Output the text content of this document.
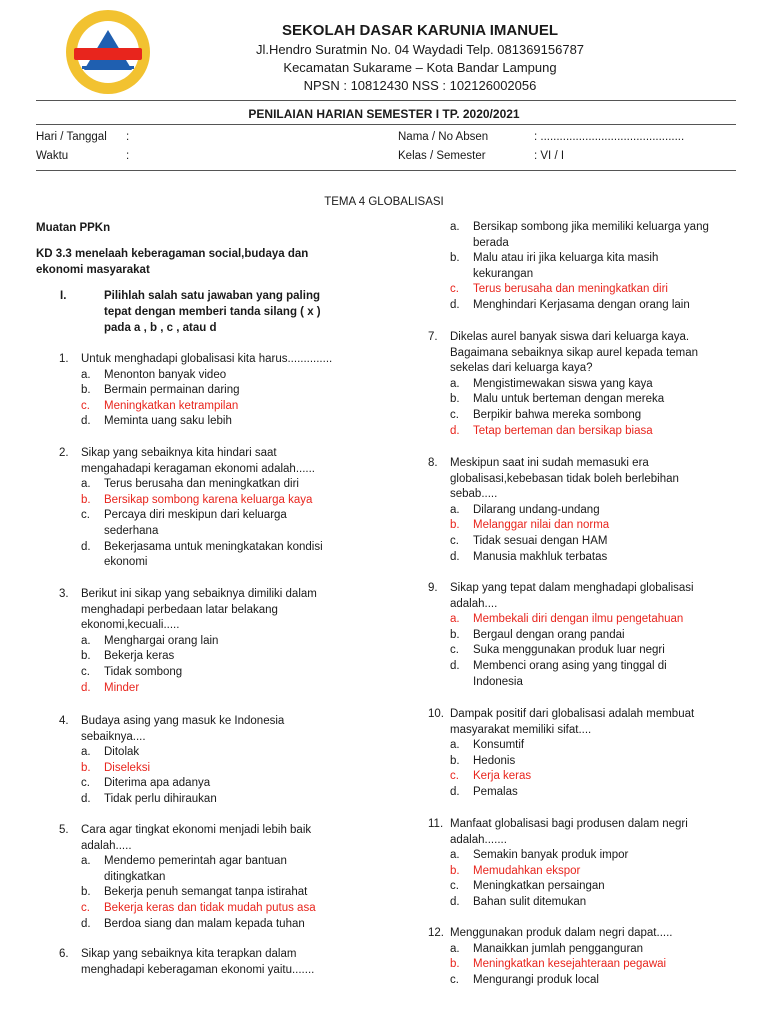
SEKOLAH DASAR KARUNIA IMANUEL
Jl.Hendro Suratmin No. 04 Waydadi Telp. 081369156787
Kecamatan Sukarame – Kota Bandar Lampung
NPSN : 10812430 NSS : 102126002056
PENILAIAN HARIAN SEMESTER I TP. 2020/2021
Hari / Tanggal :
Waktu	:
Nama / No Absen	: .............................................
Kelas / Semester	: VI / I
TEMA 4 GLOBALISASI
Muatan PPKn
KD 3.3 menelaah keberagaman social,budaya dan
ekonomi masyarakat
I.	Pilihlah salah satu jawaban yang paling
tepat dengan memberi tanda silang ( x )
pada a , b , c , atau d
1.	Untuk menghadapi globalisasi kita harus..............
a.	Menonton banyak video
b.	Bermain permainan daring
c.	Meningkatkan ketrampilan
d.	Meminta uang saku lebih
2.	Sikap yang sebaiknya kita hindari saat
mengahadapi keragaman ekonomi adalah......
a.	Terus berusaha dan meningkatkan diri
b.	Bersikap sombong karena keluarga kaya
c.	Percaya diri meskipun dari keluarga
sederhana
d.	Bekerjasama untuk meningkatakan kondisi
ekonomi
3.	Berikut ini sikap yang sebaiknya dimiliki dalam
menghadapi perbedaan latar belakang
ekonomi,kecuali.....
a.	Menghargai orang lain
b.	Bekerja keras
c.	Tidak sombong
d.	Minder
4.	Budaya asing yang masuk ke Indonesia
sebaiknya....
a.	Ditolak
b.	Diseleksi
c.	Diterima apa adanya
d.	Tidak perlu dihiraukan
5.	Cara agar tingkat ekonomi menjadi lebih baik
adalah.....
a.	Mendemo pemerintah agar bantuan
ditingkatkan
b.	Bekerja penuh semangat tanpa istirahat
c.	Bekerja keras dan tidak mudah putus asa
d.	Berdoa siang dan malam kepada tuhan
6.	Sikap yang sebaiknya kita terapkan dalam
menghadapi keberagaman ekonomi yaitu.......
a.	Bersikap sombong jika memiliki keluarga yang
berada
b.	Malu atau iri jika keluarga kita masih
kekurangan
c.	Terus berusaha dan meningkatkan diri
d.	Menghindari Kerjasama dengan orang lain
7.	Dikelas aurel banyak siswa dari keluarga kaya.
Bagaimana sebaiknya sikap aurel kepada teman
sekelas dari keluarga kaya?
a.	Mengistimewakan siswa yang kaya
b.	Malu untuk berteman dengan mereka
c.	Berpikir bahwa mereka sombong
d.	Tetap berteman dan bersikap biasa
8.	Meskipun saat ini sudah memasuki era
globalisasi,kebebasan tidak boleh berlebihan
sebab.....
a.	Dilarang undang-undang
b.	Melanggar nilai dan norma
c.	Tidak sesuai dengan HAM
d.	Manusia makhluk terbatas
9.	Sikap yang tepat dalam menghadapi globalisasi
adalah....
a.	Membekali diri dengan ilmu pengetahuan
b.	Bergaul dengan orang pandai
c.	Suka menggunakan produk luar negri
d.	Membenci orang asing yang tinggal di
Indonesia
10. Dampak positif dari globalisasi adalah membuat
masyarakat memiliki sifat....
a.	Konsumtif
b.	Hedonis
c.	Kerja keras
d.	Pemalas
11. Manfaat globalisasi bagi produsen dalam negri
adalah.......
a.	Semakin banyak produk impor
b.	Memudahkan ekspor
c.	Meningkatkan persaingan
d.	Bahan sulit ditemukan
12. Menggunakan produk dalam negri dapat.....
a.	Manaikkan jumlah pengganguran
b.	Meningkatkan kesejahteraan pegawai
c.	Mengurangi produk local
